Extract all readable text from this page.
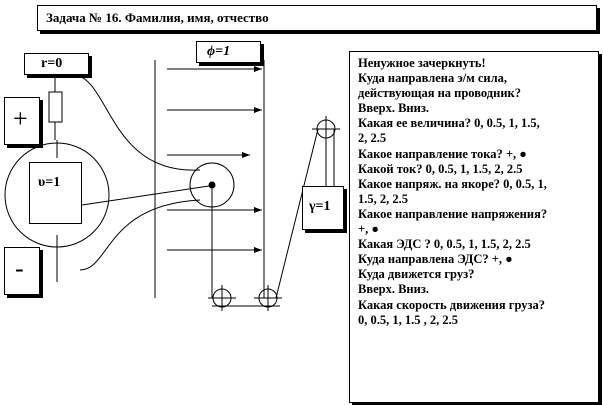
Задача № 16. Фамилия, имя, отчество
r=0
ϕ=1
+
-
υ=1
γ=1
Ненужное зачеркнуть!
Куда направлена э/м сила,
действующая на проводник?
Вверх. Вниз.
Какая ее величина? 0, 0.5, 1, 1.5,
2, 2.5
Какое направление тока? +, ●
Какой ток? 0, 0.5, 1, 1.5, 2, 2.5
Какое напряж. на якоре? 0, 0.5, 1,
1.5, 2, 2.5
Какое направление напряжения?
+, ●
Какая ЭДС ? 0, 0.5, 1, 1.5, 2, 2.5
Куда направлена ЭДС? +, ●
Куда движется груз?
Вверх. Вниз.
Какая скорость движения груза?
0, 0.5, 1, 1.5 , 2, 2.5
